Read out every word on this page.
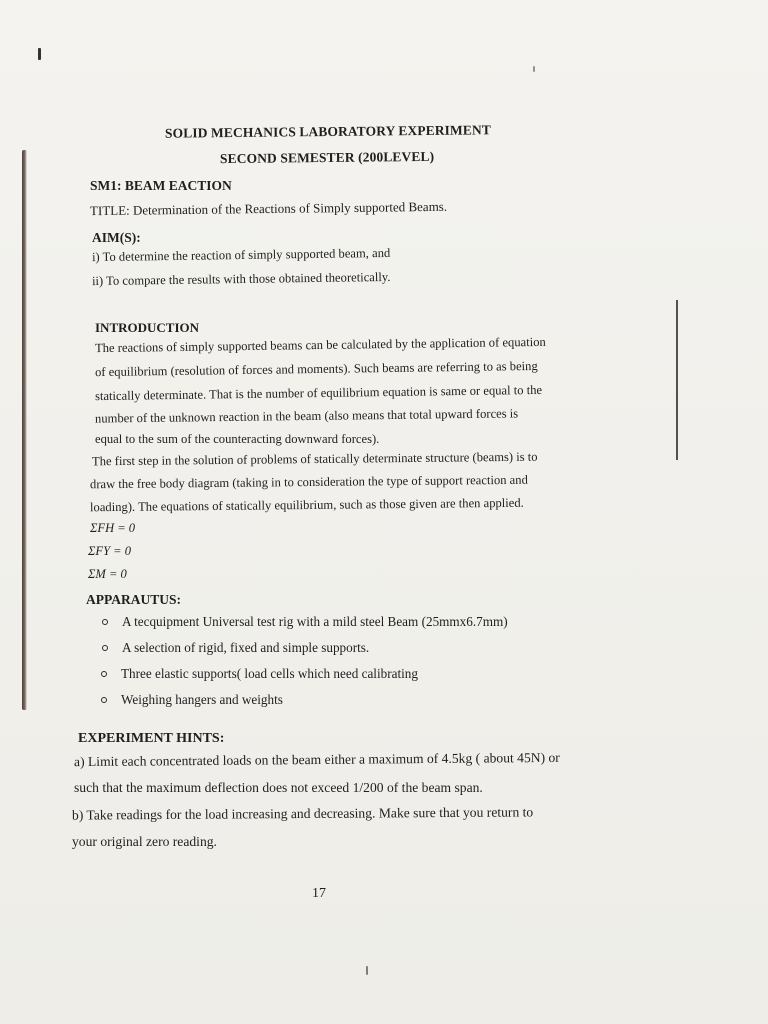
SOLID MECHANICS LABORATORY EXPERIMENT
SECOND SEMESTER (200LEVEL)
SM1: BEAM EACTION
TITLE: Determination of the Reactions of Simply supported Beams.
AIM(S):
i) To determine the reaction of simply supported beam, and
ii) To compare the results with those obtained theoretically.
INTRODUCTION
The reactions of simply supported beams can be calculated by the application of equation
of equilibrium (resolution of forces and moments). Such beams are referring to as being
statically determinate. That is the number of equilibrium equation is same or equal to the
number of the unknown reaction in the beam (also means that total upward forces is
equal to the sum of the counteracting downward forces).
The first step in the solution of problems of statically determinate structure (beams) is to
draw the free body diagram (taking in to consideration the type of support reaction and
loading). The equations of statically equilibrium, such as those given are then applied.
ΣFH = 0
ΣFY = 0
ΣM = 0
APPARAUTUS:
A tecquipment Universal test rig with a mild steel Beam (25mmx6.7mm)
A selection of rigid, fixed and simple supports.
Three elastic supports( load cells which need calibrating
Weighing hangers and weights
EXPERIMENT HINTS:
a) Limit each concentrated loads on the beam either a maximum of 4.5kg ( about 45N) or
such that the maximum deflection does not exceed 1/200 of the beam span.
b) Take readings for the load increasing and decreasing. Make sure that you return to
your original zero reading.
17
